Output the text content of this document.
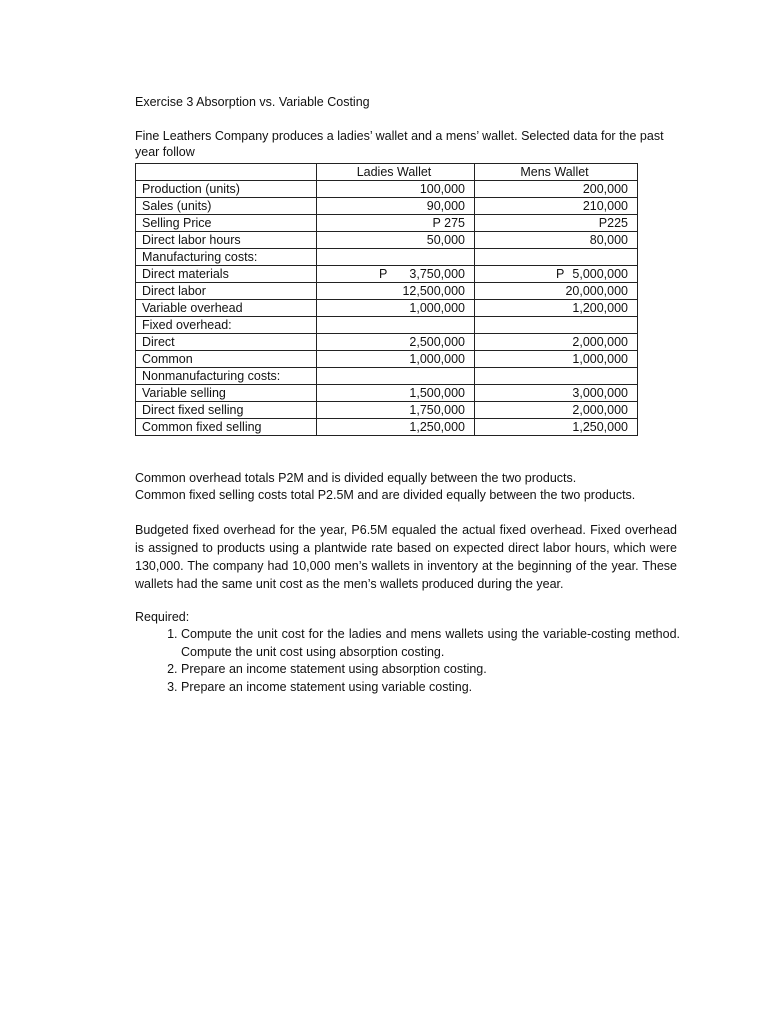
Exercise 3 Absorption vs. Variable Costing
Fine Leathers Company produces a ladies’ wallet and a mens’ wallet. Selected data for the past year follow
	Ladies Wallet	Mens Wallet
Production (units)	100,000	200,000
Sales (units)	90,000	210,000
Selling Price	P 275	P225
Direct labor hours	50,000	80,000
Manufacturing costs:		
Direct materials	P 3,750,000	P 5,000,000
Direct labor	12,500,000	20,000,000
Variable overhead	1,000,000	1,200,000
Fixed overhead:		
Direct	2,500,000	2,000,000
Common	1,000,000	1,000,000
Nonmanufacturing costs:		
Variable selling	1,500,000	3,000,000
Direct fixed selling	1,750,000	2,000,000
Common fixed selling	1,250,000	1,250,000
Common overhead totals P2M and is divided equally between the two products.
Common fixed selling costs total P2.5M and are divided equally between the two products.
Budgeted fixed overhead for the year, P6.5M equaled the actual fixed overhead. Fixed overhead is assigned to products using a plantwide rate based on expected direct labor hours, which were 130,000. The company had 10,000 men’s wallets in inventory at the beginning of the year. These wallets had the same unit cost as the men’s wallets produced during the year.
Required:
1. Compute the unit cost for the ladies and mens wallets using the variable-costing method. Compute the unit cost using absorption costing.
2. Prepare an income statement using absorption costing.
3. Prepare an income statement using variable costing.
